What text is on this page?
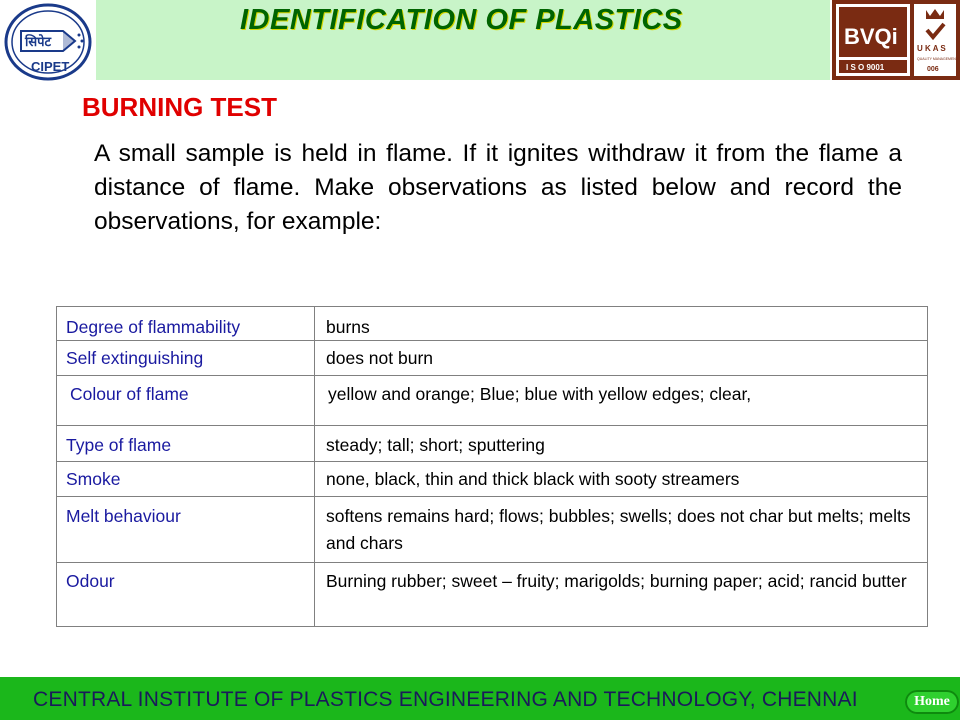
IDENTIFICATION OF PLASTICS
सिपेट
CIPET
BVQi
I S O 9001
U K A S
QUALITY MANAGEMENT
006
BURNING TEST
A small sample is held in flame. If it ignites withdraw it from the flame a distance of flame. Make observations as listed below and record the observations, for example:
Degree of flammability	burns
Self extinguishing	does not burn
Colour of flame	yellow and orange; Blue; blue with yellow edges; clear,
Type of flame	steady; tall; short; sputtering
Smoke	none, black, thin and thick black with sooty streamers
Melt behaviour	softens remains hard; flows; bubbles; swells; does not char but melts; melts and chars
Odour	Burning rubber; sweet – fruity; marigolds; burning paper; acid; rancid butter
CENTRAL INSTITUTE OF PLASTICS ENGINEERING AND TECHNOLOGY, CHENNAI	Home
